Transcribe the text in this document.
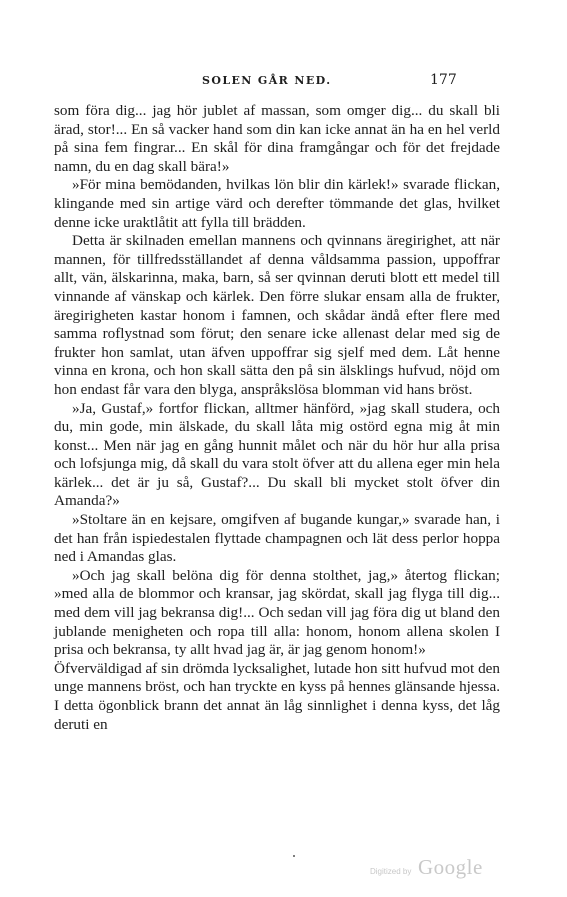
SOLEN GÅR NED.	177

som föra dig... jag hör jublet af massan, som omger dig... du skall bli ärad, stor!... En så vacker hand som din kan icke annat än ha en hel verld på sina fem fingrar... En skål för dina framgångar och för det frejdade namn, du en dag skall bära!»

»För mina bemödanden, hvilkas lön blir din kärlek!» svarade flickan, klingande med sin artige värd och derefter tömmande det glas, hvilket denne icke uraktlåtit att fylla till brädden.

Detta är skilnaden emellan mannens och qvinnans äregirighet, att när mannen, för tillfredsställandet af denna våldsamma passion, uppoffrar allt, vän, älskarinna, maka, barn, så ser qvinnan deruti blott ett medel till vinnande af vänskap och kärlek. Den förre slukar ensam alla de frukter, äregirigheten kastar honom i famnen, och skådar ändå efter flere med samma roflystnad som förut; den senare icke allenast delar med sig de frukter hon samlat, utan äfven uppoffrar sig sjelf med dem. Låt henne vinna en krona, och hon skall sätta den på sin älsklings hufvud, nöjd om hon endast får vara den blyga, anspråkslösa blomman vid hans bröst.

»Ja, Gustaf,» fortfor flickan, alltmer hänförd, »jag skall studera, och du, min gode, min älskade, du skall låta mig ostörd egna mig åt min konst... Men när jag en gång hunnit målet och när du hör hur alla prisa och lofsjunga mig, då skall du vara stolt öfver att du allena eger min hela kärlek... det är ju så, Gustaf?... Du skall bli mycket stolt öfver din Amanda?»

»Stoltare än en kejsare, omgifven af bugande kungar,» svarade han, i det han från ispiedestalen flyttade champagnen och lät dess perlor hoppa ned i Amandas glas.

»Och jag skall belöna dig för denna stolthet, jag,» återtog flickan; »med alla de blommor och kransar, jag skördat, skall jag flyga till dig... med dem vill jag bekransa dig!... Och sedan vill jag föra dig ut bland den jublande menigheten och ropa till alla: honom, honom allena skolen I prisa och bekransa, ty allt hvad jag är, är jag genom honom!»

Öfverväldigad af sin drömda lycksalighet, lutade hon sitt hufvud mot den unge mannens bröst, och han tryckte en kyss på hennes glänsande hjessa. I detta ögonblick brann det annat än låg sinnlighet i denna kyss, det låg deruti en

Digitized by Google
